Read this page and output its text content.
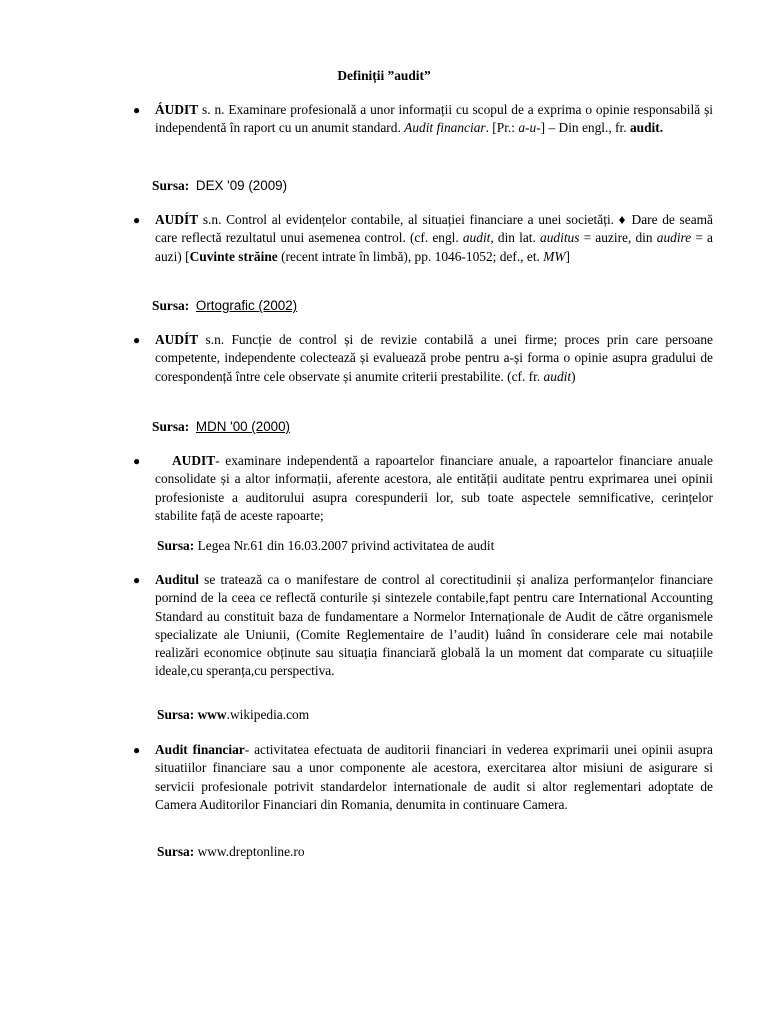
Definiții ”audit”
● ÁUDIT s. n. Examinare profesională a unor informații cu scopul de a exprima o opinie responsabilă și independentă în raport cu un anumit standard. Audit financiar. [Pr.: a-u-] – Din engl., fr. audit.
Sursa: DEX '09 (2009)
● AUDÍT s.n. Control al evidențelor contabile, al situației financiare a unei societăți. ♦ Dare de seamă care reflectă rezultatul unui asemenea control. (cf. engl. audit, din lat. auditus = auzire, din audire = a auzi) [Cuvinte străine (recent intrate în limbă), pp. 1046-1052; def., et. MW]
Sursa: Ortografic (2002)
● AUDÍT s.n. Funcție de control și de revizie contabilă a unei firme; proces prin care persoane competente, independente colectează și evaluează probe pentru a-și forma o opinie asupra gradului de corespondență între cele observate și anumite criterii prestabilite. (cf. fr. audit)
Sursa: MDN '00 (2000)
● AUDIT- examinare independentă a rapoartelor financiare anuale, a rapoartelor financiare anuale consolidate și a altor informații, aferente acestora, ale entității auditate pentru exprimarea unei opinii profesioniste a auditorului asupra corespunderii lor, sub toate aspectele semnificative, cerințelor stabilite față de aceste rapoarte;
Sursa: Legea Nr.61 din 16.03.2007 privind activitatea de audit
● Auditul se tratează ca o manifestare de control al corectitudinii și analiza performanțelor financiare pornind de la ceea ce reflectă conturile și sintezele contabile,fapt pentru care International Accounting Standard au constituit baza de fundamentare a Normelor Internaționale de Audit de către organismele specializate ale Uniunii, (Comite Reglementaire de l’audit) luând în considerare cele mai notabile realizări economice obținute sau situația financiară globală la un moment dat comparate cu situațiile ideale,cu speranța,cu perspectiva.
Sursa: www.wikipedia.com
● Audit financiar- activitatea efectuata de auditorii financiari in vederea exprimarii unei opinii asupra situatiilor financiare sau a unor componente ale acestora, exercitarea altor misiuni de asigurare si servicii profesionale potrivit standardelor internationale de audit si altor reglementari adoptate de Camera Auditorilor Financiari din Romania, denumita in continuare Camera.
Sursa: www.dreptonline.ro
